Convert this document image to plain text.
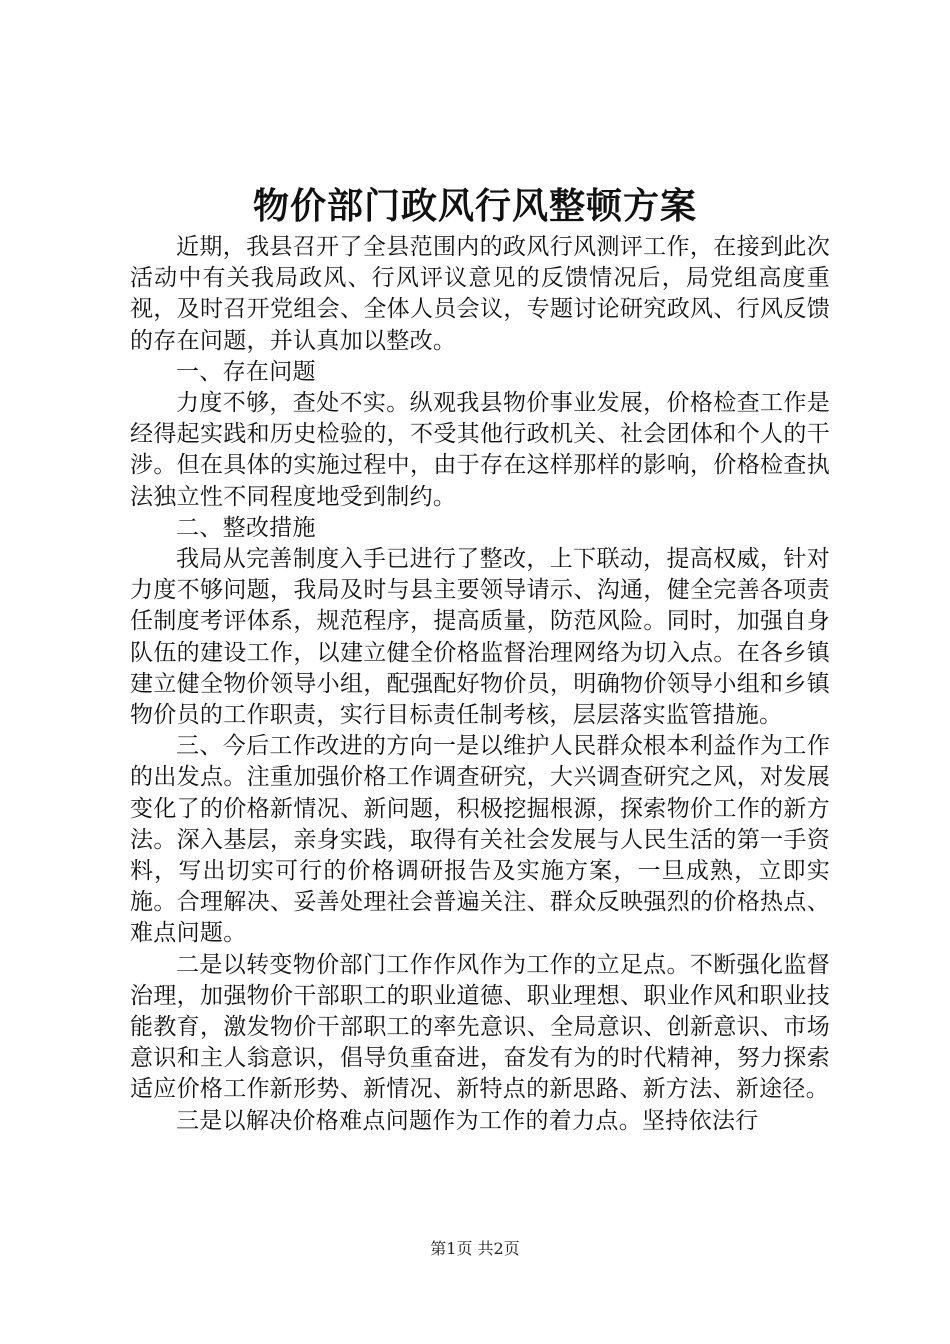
物价部门政风行风整顿方案

近期，我县召开了全县范围内的政风行风测评工作，在接到此次活动中有关我局政风、行风评议意见的反馈情况后，局党组高度重视，及时召开党组会、全体人员会议，专题讨论研究政风、行风反馈的存在问题，并认真加以整改。

一、存在问题

力度不够，查处不实。纵观我县物价事业发展，价格检查工作是经得起实践和历史检验的，不受其他行政机关、社会团体和个人的干涉。但在具体的实施过程中，由于存在这样那样的影响，价格检查执法独立性不同程度地受到制约。

二、整改措施

我局从完善制度入手已进行了整改，上下联动，提高权威，针对力度不够问题，我局及时与县主要领导请示、沟通，健全完善各项责任制度考评体系，规范程序，提高质量，防范风险。同时，加强自身队伍的建设工作，以建立健全价格监督治理网络为切入点。在各乡镇建立健全物价领导小组，配强配好物价员，明确物价领导小组和乡镇物价员的工作职责，实行目标责任制考核，层层落实监管措施。

三、今后工作改进的方向一是以维护人民群众根本利益作为工作的出发点。注重加强价格工作调查研究，大兴调查研究之风，对发展变化了的价格新情况、新问题，积极挖掘根源，探索物价工作的新方法。深入基层，亲身实践，取得有关社会发展与人民生活的第一手资料，写出切实可行的价格调研报告及实施方案，一旦成熟，立即实施。合理解决、妥善处理社会普遍关注、群众反映强烈的价格热点、难点问题。

二是以转变物价部门工作作风作为工作的立足点。不断强化监督治理，加强物价干部职工的职业道德、职业理想、职业作风和职业技能教育，激发物价干部职工的率先意识、全局意识、创新意识、市场意识和主人翁意识，倡导负重奋进，奋发有为的时代精神，努力探索适应价格工作新形势、新情况、新特点的新思路、新方法、新途径。

三是以解决价格难点问题作为工作的着力点。坚持依法行

第1页 共2页
